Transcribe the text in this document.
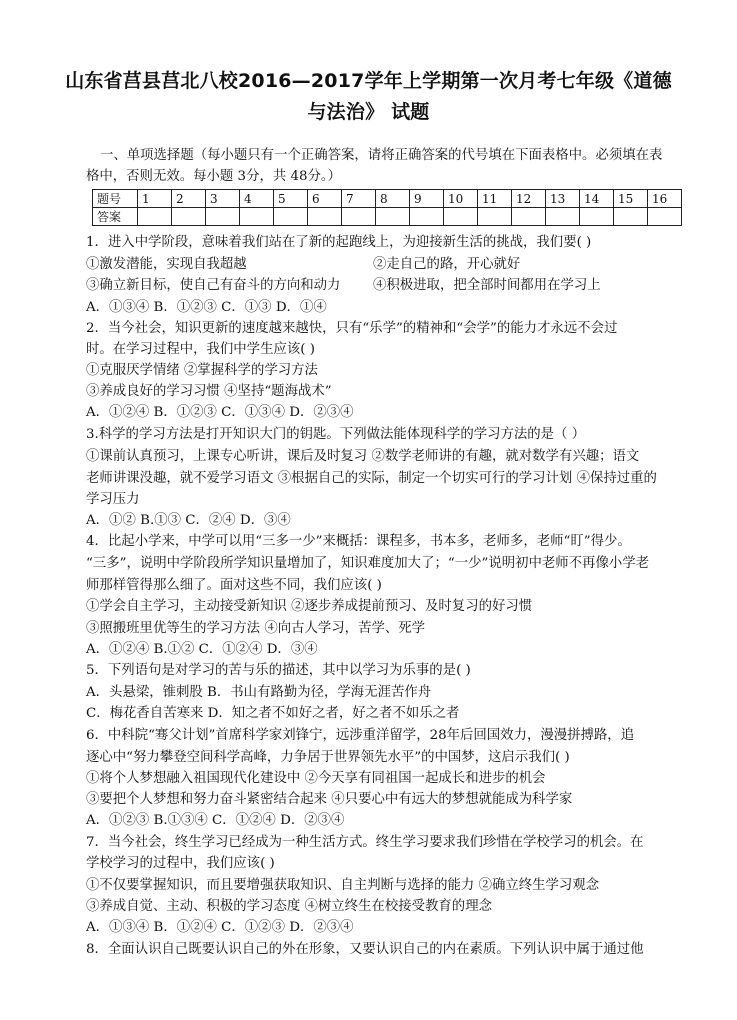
山东省莒县莒北八校2016—2017学年上学期第一次月考七年级《道德
与法治》 试题
一、单项选择题（每小题只有一个正确答案，请将正确答案的代号填在下面表格中。必须填在表
格中，否则无效。每小题 3分，共 48分。）
题号	1	2	3	4	5	6	7	8	9	10	11	12	13	14	15	16
答案																
1．进入中学阶段，意味着我们站在了新的起跑线上，为迎接新生活的挑战，我们要( )
①激发潜能，实现自我超越	②走自己的路，开心就好
③确立新目标，使自己有奋斗的方向和动力 ④积极进取，把全部时间都用在学习上
A．①③④ B．①②③ C．①③ D．①④
2．当今社会，知识更新的速度越来越快，只有“乐学”的精神和“会学”的能力才永远不会过
时。在学习过程中，我们中学生应该( )
①克服厌学情绪 ②掌握科学的学习方法
③养成良好的学习习惯 ④坚持“题海战术”
A．①②④ B．①②③ C．①③④ D．②③④
3.科学的学习方法是打开知识大门的钥匙。下列做法能体现科学的学习方法的是（ ）
①课前认真预习，上课专心听讲，课后及时复习 ②数学老师讲的有趣，就对数学有兴趣；语文
老师讲课没趣，就不爱学习语文 ③根据自己的实际，制定一个切实可行的学习计划 ④保持过重的
学习压力
A．①② B.①③ C．②④ D．③④
4．比起小学来，中学可以用“三多一少”来概括：课程多，书本多，老师多，老师“盯”得少。
“三多”，说明中学阶段所学知识量增加了，知识难度加大了；“一少”说明初中老师不再像小学老
师那样管得那么细了。面对这些不同，我们应该( )
①学会自主学习，主动接受新知识 ②逐步养成提前预习、及时复习的好习惯
③照搬班里优等生的学习方法 ④向古人学习，苦学、死学
A．①②④ B.①② C．①②④ D．③④
5．下列语句是对学习的苦与乐的描述，其中以学习为乐事的是( )
A．头悬梁，锥刺股 B．书山有路勤为径，学海无涯苦作舟
C．梅花香自苦寒来 D．知之者不如好之者，好之者不如乐之者
6．中科院“骞父计划”首席科学家刘锋宁，远涉重洋留学，28年后回国效力，漫漫拼搏路，追
逐心中“努力攀登空间科学高峰，力争居于世界领先水平”的中国梦，这启示我们( )
①将个人梦想融入祖国现代化建设中 ②今天享有同祖国一起成长和进步的机会
③要把个人梦想和努力奋斗紧密结合起来 ④只要心中有远大的梦想就能成为科学家
A．①②③ B.①③④ C．①②④ D．②③④
7．当今社会，终生学习已经成为一种生活方式。终生学习要求我们珍惜在学校学习的机会。在
学校学习的过程中，我们应该( )
①不仅要掌握知识，而且要增强获取知识、自主判断与选择的能力 ②确立终生学习观念
③养成自觉、主动、积极的学习态度 ④树立终生在校接受教育的理念
A．①③④ B．①②④ C．①②③ D．②③④
8．全面认识自己既要认识自己的外在形象，又要认识自己的内在素质。下列认识中属于通过他
